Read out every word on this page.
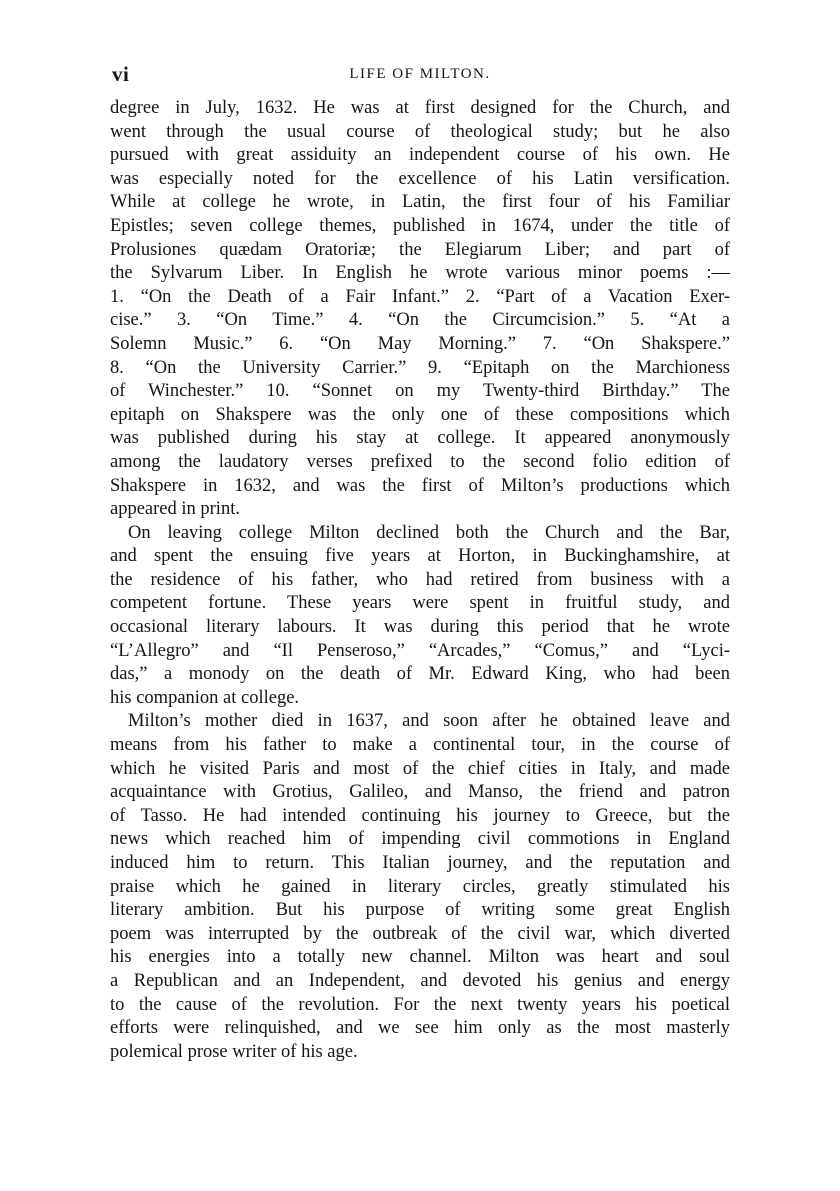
vi	LIFE OF MILTON.
degree in July, 1632. He was at first designed for the Church, and
went through the usual course of theological study; but he also
pursued with great assiduity an independent course of his own. He
was especially noted for the excellence of his Latin versification.
While at college he wrote, in Latin, the first four of his Familiar
Epistles; seven college themes, published in 1674, under the title of
Prolusiones quædam Oratoriæ; the Elegiarum Liber; and part of
the Sylvarum Liber. In English he wrote various minor poems :—
1. “On the Death of a Fair Infant.” 2. “Part of a Vacation Exer-
cise.” 3. “On Time.” 4. “On the Circumcision.” 5. “At a
Solemn Music.” 6. “On May Morning.” 7. “On Shakspere.”
8. “On the University Carrier.” 9. “Epitaph on the Marchioness
of Winchester.” 10. “Sonnet on my Twenty-third Birthday.” The
epitaph on Shakspere was the only one of these compositions which
was published during his stay at college. It appeared anonymously
among the laudatory verses prefixed to the second folio edition of
Shakspere in 1632, and was the first of Milton’s productions which
appeared in print.
On leaving college Milton declined both the Church and the Bar,
and spent the ensuing five years at Horton, in Buckinghamshire, at
the residence of his father, who had retired from business with a
competent fortune. These years were spent in fruitful study, and
occasional literary labours. It was during this period that he wrote
“L’Allegro” and “Il Penseroso,” “Arcades,” “Comus,” and “Lyci-
das,” a monody on the death of Mr. Edward King, who had been
his companion at college.
Milton’s mother died in 1637, and soon after he obtained leave and
means from his father to make a continental tour, in the course of
which he visited Paris and most of the chief cities in Italy, and made
acquaintance with Grotius, Galileo, and Manso, the friend and patron
of Tasso. He had intended continuing his journey to Greece, but the
news which reached him of impending civil commotions in England
induced him to return. This Italian journey, and the reputation and
praise which he gained in literary circles, greatly stimulated his
literary ambition. But his purpose of writing some great English
poem was interrupted by the outbreak of the civil war, which diverted
his energies into a totally new channel. Milton was heart and soul
a Republican and an Independent, and devoted his genius and energy
to the cause of the revolution. For the next twenty years his poetical
efforts were relinquished, and we see him only as the most masterly
polemical prose writer of his age.
